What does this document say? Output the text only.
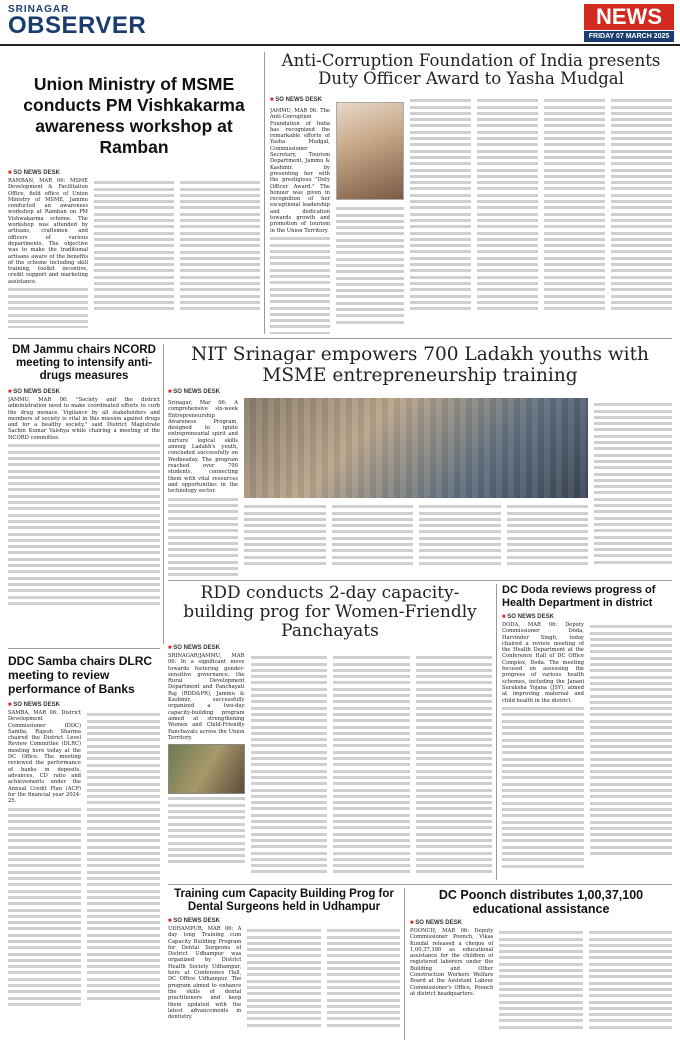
SRINAGAR
OBSERVER	NEWS
FRIDAY 07 MARCH 2025
Union Ministry of MSME conducts PM Vishkakarma awareness workshop at Ramban
■ SO NEWS DESK

RAMBAN, MAR 06: MSME Development & Facilitation Office, field office of Union Ministry of MSME, Jammu conducted an awareness workshop at Ramban on PM Vishwakarma scheme. The workshop was attended by artisans, craftsmen and officers of various departments. The objective was to make the traditional artisans aware of the benefits of the scheme including skill training, toolkit incentive, credit support and marketing assistance.

Anti-Corruption Foundation of India presents Duty Officer Award to Yasha Mudgal
■ SO NEWS DESK

JAMMU, MAR 06: The Anti-Corruption Foundation of India has recognized the remarkable efforts of Yasha Mudgal, Commissioner Secretary, Tourism Department, Jammu & Kashmir, by presenting her with the prestigious "Duty Officer Award." The honour was given in recognition of her exceptional leadership and dedication towards growth and promotion of tourism in the Union Territory.

DM Jammu chairs NCORD meeting to intensify anti-drugs measures
■ SO NEWS DESK

JAMMU, MAR 06: "Society and the district administration need to make coordinated efforts to curb the drug menace. Vigilance by all stakeholders and members of society is vital in this mission against drugs and for a healthy society," said District Magistrate Sachin Kumar Vaishya while chairing a meeting of the NCORD committee.

NIT Srinagar empowers 700 Ladakh youths with MSME entrepreneurship training
■ SO NEWS DESK

Srinagar, Mar 06: A comprehensive six-week Entrepreneurship Awareness Program, designed to ignite entrepreneurial spirit and nurture logical skills among Ladakh's youth, concluded successfully on Wednesday. The program reached over 700 students, connecting them with vital resources and opportunities in the technology sector.

RDD conducts 2-day capacity-building prog for Women-Friendly Panchayats
■ SO NEWS DESK

SRINAGAR/JAMMU, MAR 06: In a significant move towards fostering gender-sensitive governance, the Rural Development Department and Panchayati Raj (RDD&PR), Jammu & Kashmir, successfully organized a two-day capacity-building program aimed at strengthening Women and Child-Friendly Panchayats across the Union Territory.

DC Doda reviews progress of Health Department in district
■ SO NEWS DESK

DODA, MAR 06: Deputy Commissioner Doda, Harvinder Singh, today chaired a review meeting of the Health Department at the Conference Hall of DC Office Complex, Doda. The meeting focused on assessing the progress of various health schemes, including the Janani Suraksha Yojana (JSY), aimed at improving maternal and child health in the district.

DDC Samba chairs DLRC meeting to review performance of Banks
■ SO NEWS DESK

SAMBA, MAR 06: District Development Commissioner (DDC) Samba, Rajesh Sharma chaired the District Level Review Committee (DLRC) meeting here today at the DC Office. The meeting reviewed the performance of banks in deposits, advances, CD ratio and achievements under the Annual Credit Plan (ACP) for the financial year 2024-25.

Training cum Capacity Building Prog for Dental Surgeons held in Udhampur
■ SO NEWS DESK

UDHAMPUR, MAR 06: A day long Training cum Capacity Building Program for Dental Surgeons of District Udhampur was organized by District Health Society Udhampur, here at Conference Hall, DC Office Udhampur. The program aimed to enhance the skills of dental practitioners and keep them updated with the latest advancements in dentistry.

DC Poonch distributes 1,00,37,100 educational assistance
■ SO NEWS DESK

POONCH, MAR 06: Deputy Commissioner Poonch, Vikas Kundal released a cheque of 1,00,37,100 as educational assistance for the children of registered laborers under the Building and Other Construction Workers Welfare Board at the Assistant Labour Commissioner's Office, Poonch at district headquarters.
